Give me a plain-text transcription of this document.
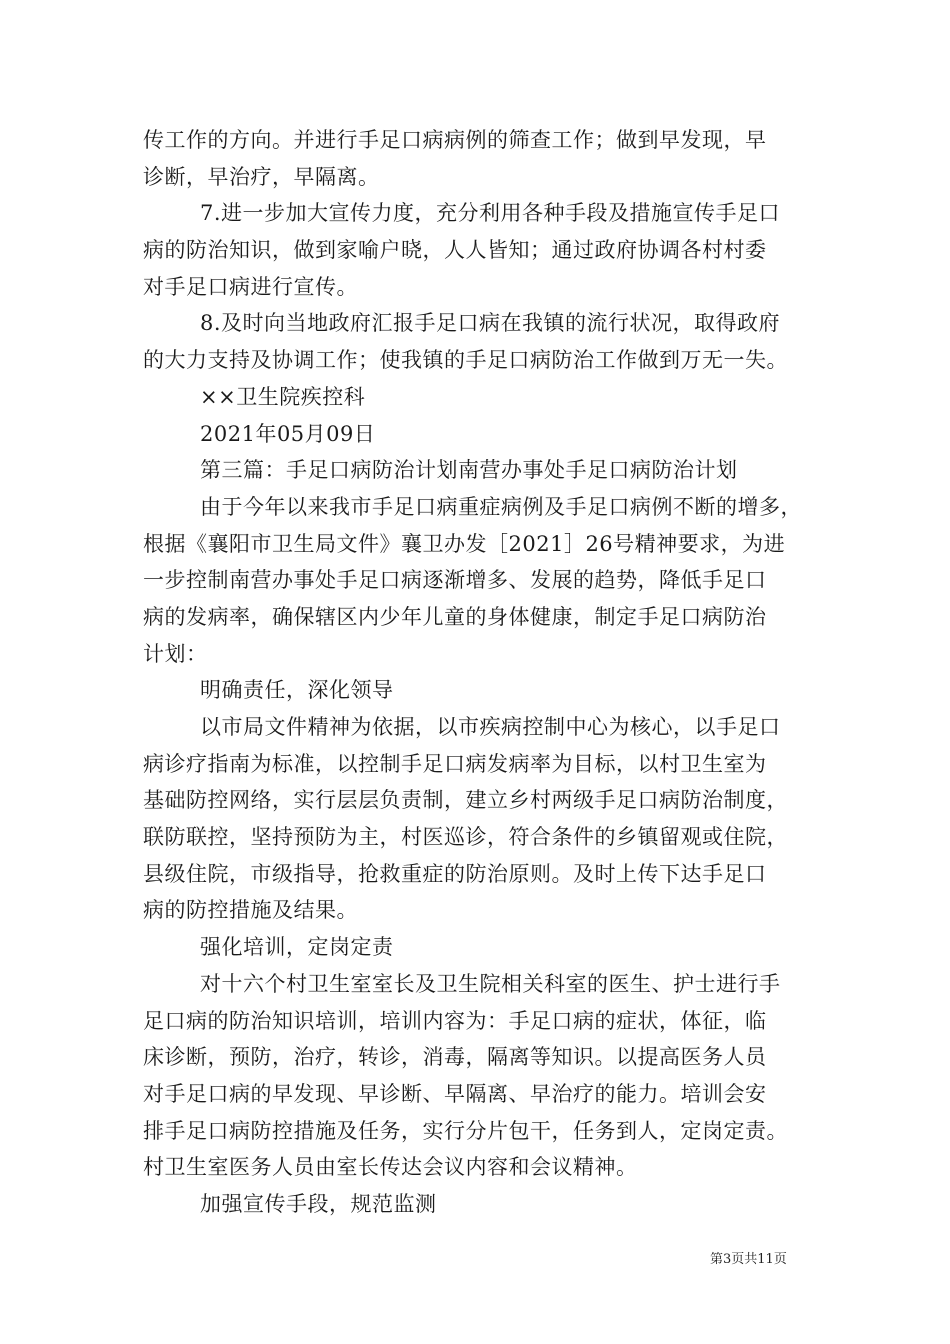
传工作的方向。并进行手足口病病例的筛查工作；做到早发现，早
诊断，早治疗，早隔离。
7.进一步加大宣传力度，充分利用各种手段及措施宣传手足口
病的防治知识，做到家喻户晓，人人皆知；通过政府协调各村村委
对手足口病进行宣传。
8.及时向当地政府汇报手足口病在我镇的流行状况，取得政府
的大力支持及协调工作；使我镇的手足口病防治工作做到万无一失。
××卫生院疾控科
2021年05月09日
第三篇：手足口病防治计划南营办事处手足口病防治计划
由于今年以来我市手足口病重症病例及手足口病例不断的增多，
根据《襄阳市卫生局文件》襄卫办发［2021］26号精神要求，为进
一步控制南营办事处手足口病逐渐增多、发展的趋势，降低手足口
病的发病率，确保辖区内少年儿童的身体健康，制定手足口病防治
计划：
明确责任，深化领导
以市局文件精神为依据，以市疾病控制中心为核心，以手足口
病诊疗指南为标准，以控制手足口病发病率为目标，以村卫生室为
基础防控网络，实行层层负责制，建立乡村两级手足口病防治制度，
联防联控，坚持预防为主，村医巡诊，符合条件的乡镇留观或住院，
县级住院，市级指导，抢救重症的防治原则。及时上传下达手足口
病的防控措施及结果。
强化培训，定岗定责
对十六个村卫生室室长及卫生院相关科室的医生、护士进行手
足口病的防治知识培训，培训内容为：手足口病的症状，体征，临
床诊断，预防，治疗，转诊，消毒，隔离等知识。以提高医务人员
对手足口病的早发现、早诊断、早隔离、早治疗的能力。培训会安
排手足口病防控措施及任务，实行分片包干，任务到人，定岗定责。
村卫生室医务人员由室长传达会议内容和会议精神。
加强宣传手段，规范监测
第3页共11页
